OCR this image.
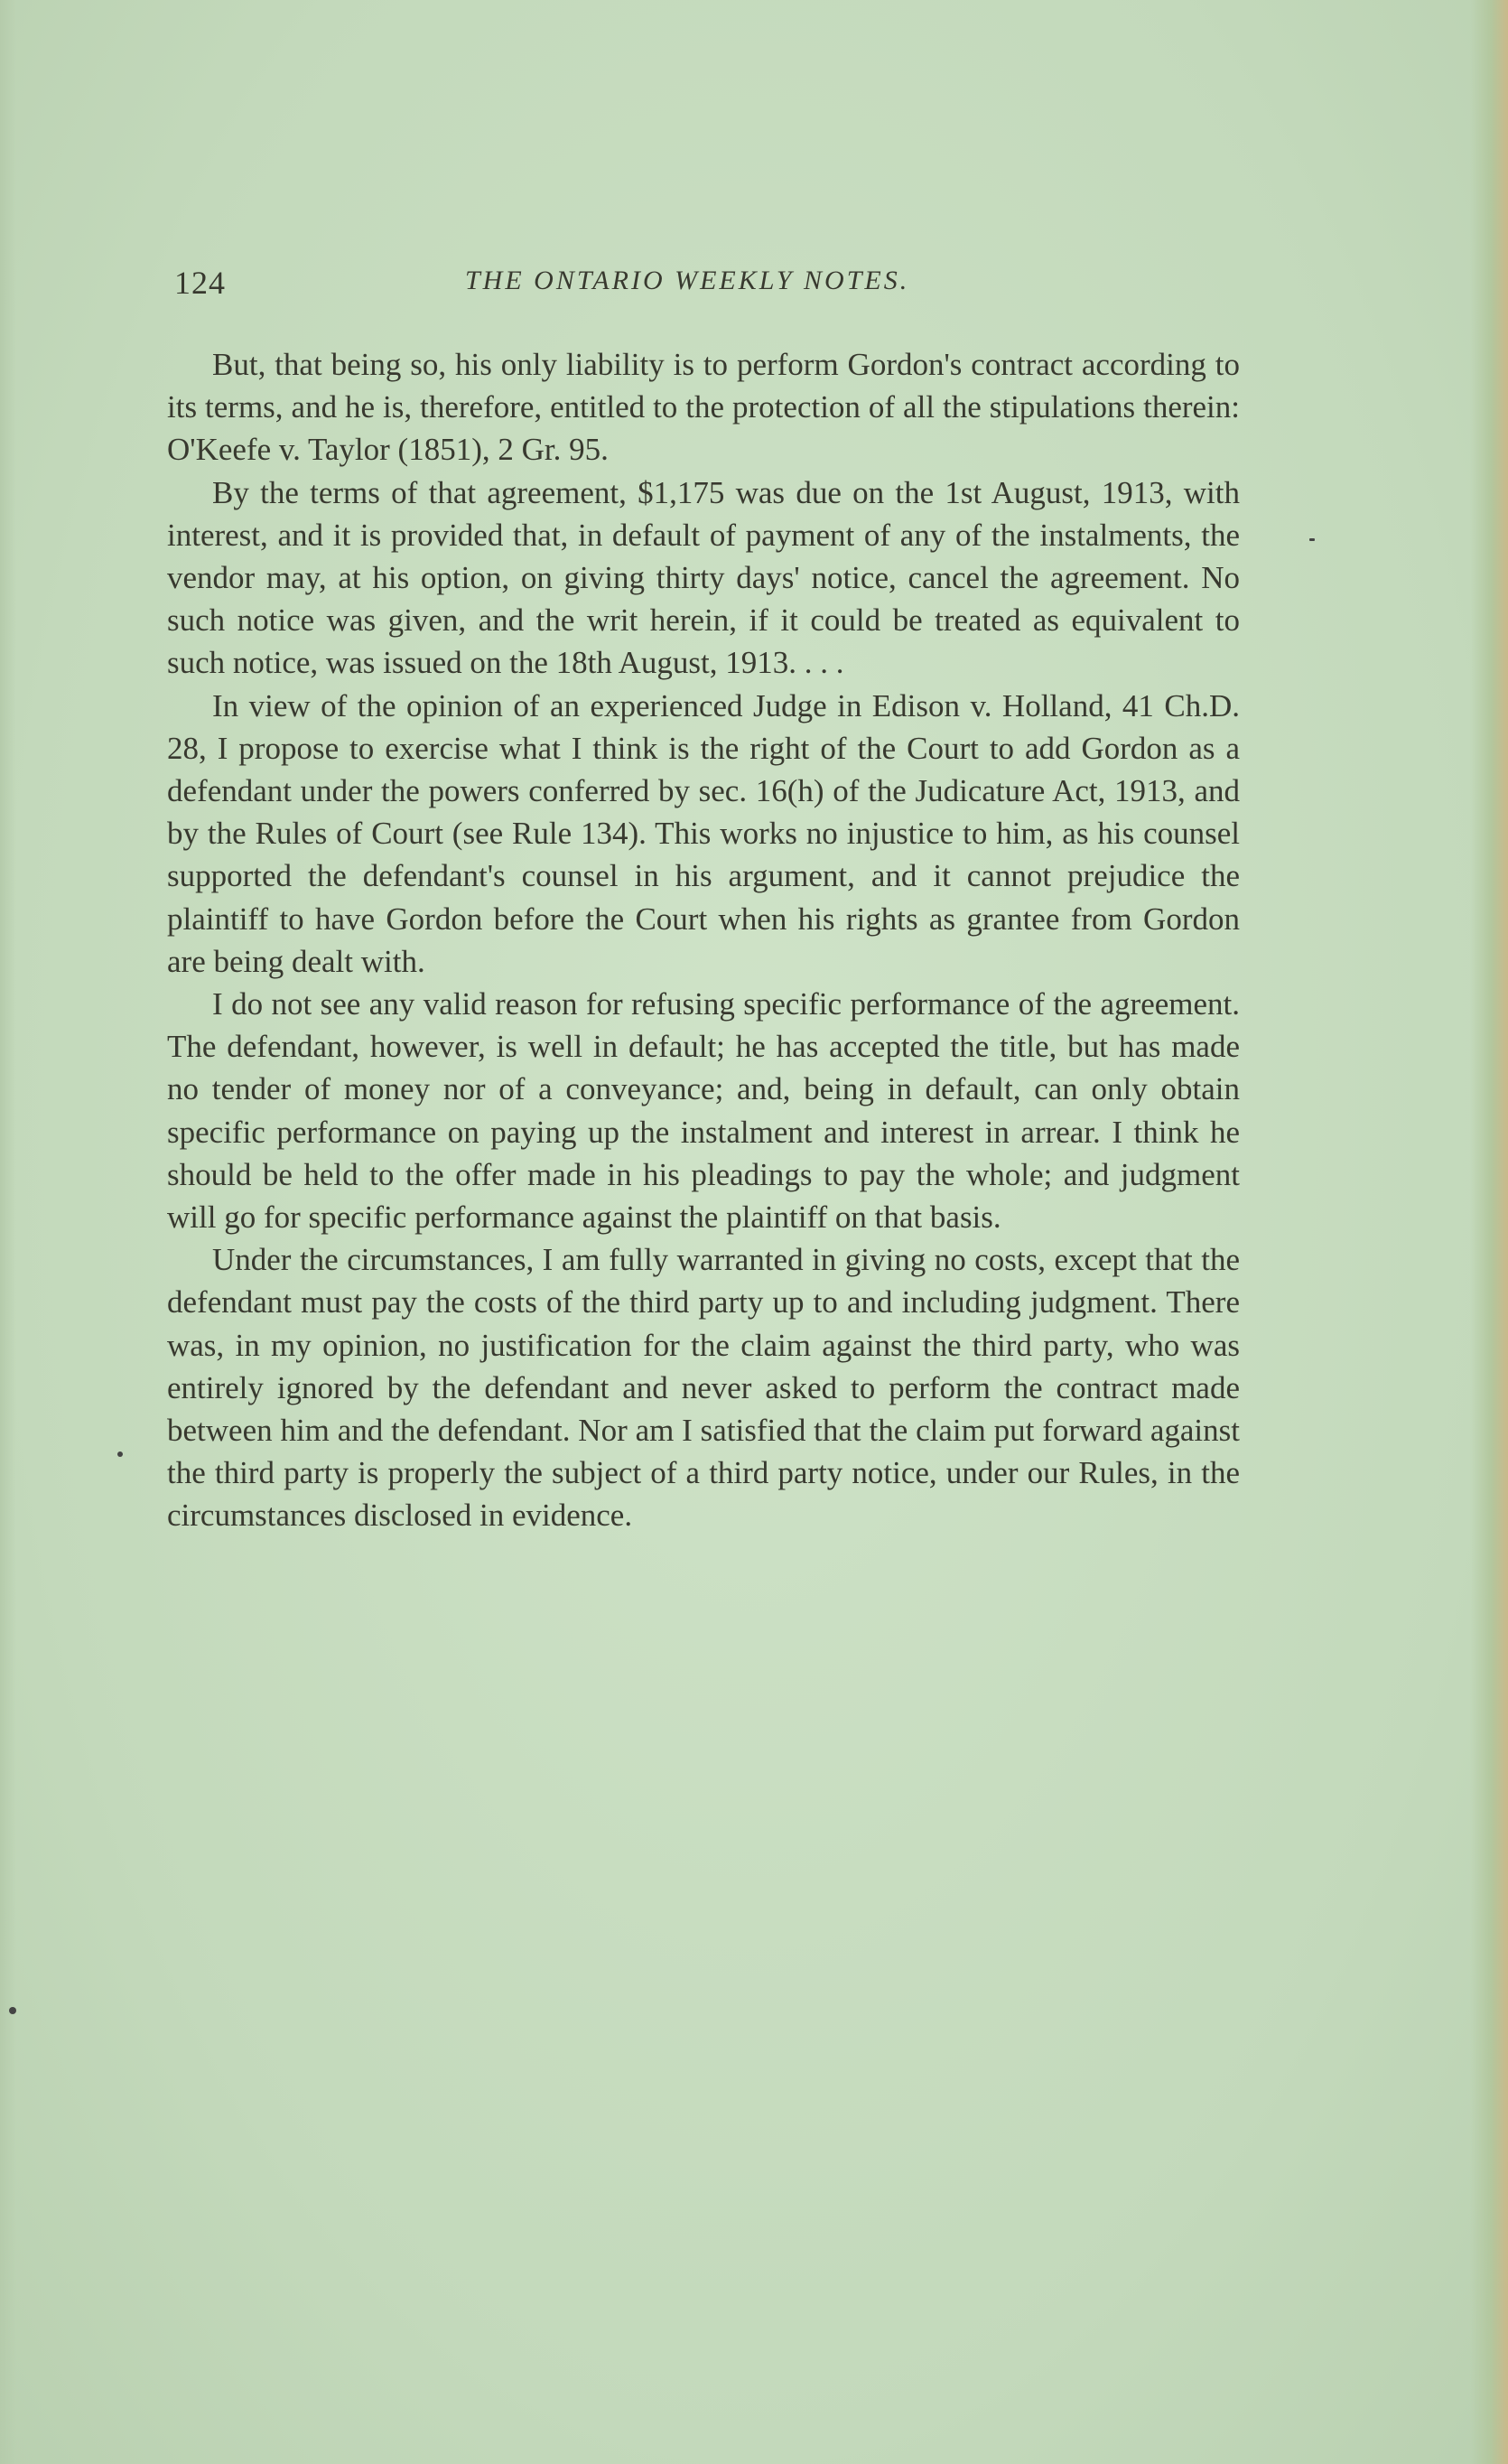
124	THE ONTARIO WEEKLY NOTES.

But, that being so, his only liability is to perform Gordon's contract according to its terms, and he is, therefore, entitled to the protection of all the stipulations therein: O'Keefe v. Taylor (1851), 2 Gr. 95.

By the terms of that agreement, $1,175 was due on the 1st August, 1913, with interest, and it is provided that, in default of payment of any of the instalments, the vendor may, at his option, on giving thirty days' notice, cancel the agreement. No such notice was given, and the writ herein, if it could be treated as equivalent to such notice, was issued on the 18th August, 1913. . . .

In view of the opinion of an experienced Judge in Edison v. Holland, 41 Ch.D. 28, I propose to exercise what I think is the right of the Court to add Gordon as a defendant under the powers conferred by sec. 16(h) of the Judicature Act, 1913, and by the Rules of Court (see Rule 134). This works no injustice to him, as his counsel supported the defendant's counsel in his argument, and it cannot prejudice the plaintiff to have Gordon before the Court when his rights as grantee from Gordon are being dealt with.

I do not see any valid reason for refusing specific performance of the agreement. The defendant, however, is well in default; he has accepted the title, but has made no tender of money nor of a conveyance; and, being in default, can only obtain specific performance on paying up the instalment and interest in arrear. I think he should be held to the offer made in his pleadings to pay the whole; and judgment will go for specific performance against the plaintiff on that basis.

Under the circumstances, I am fully warranted in giving no costs, except that the defendant must pay the costs of the third party up to and including judgment. There was, in my opinion, no justification for the claim against the third party, who was entirely ignored by the defendant and never asked to perform the contract made between him and the defendant. Nor am I satisfied that the claim put forward against the third party is properly the subject of a third party notice, under our Rules, in the circumstances disclosed in evidence.
